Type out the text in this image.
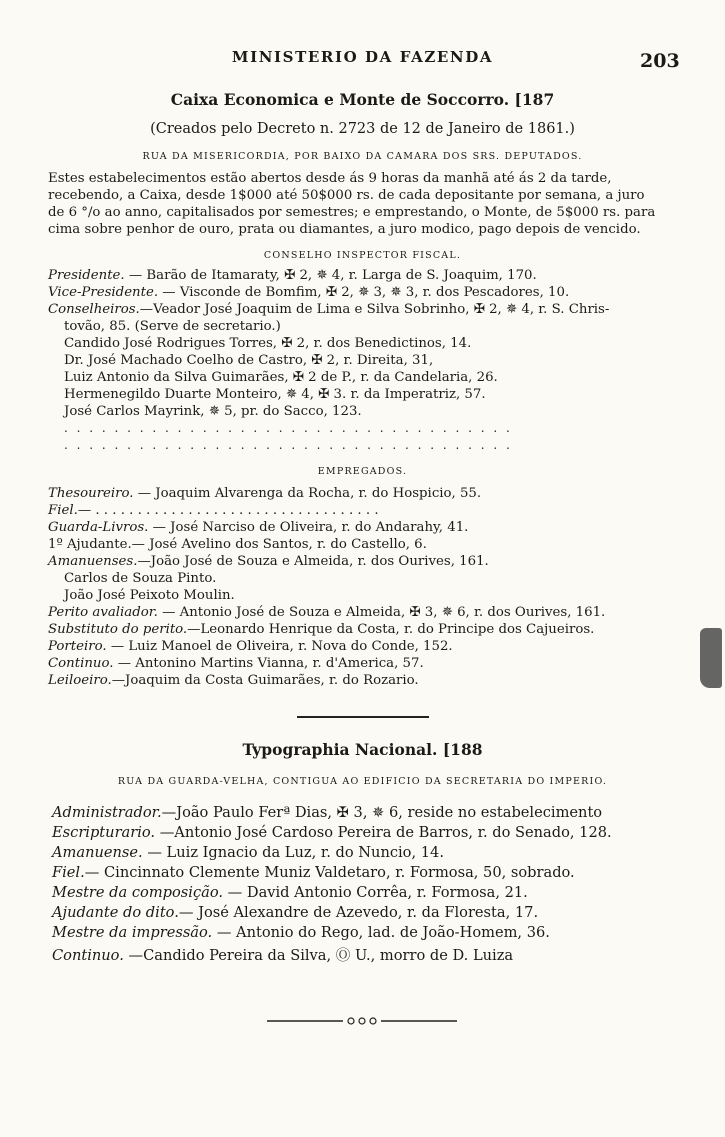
MINISTERIO DA FAZENDA	203
Caixa Economica e Monte de Soccorro. [187
(Creados pelo Decreto n. 2723 de 12 de Janeiro de 1861.)
RUA DA MISERICORDIA, POR BAIXO DA CAMARA DOS SRS. DEPUTADOS.
Estes estabelecimentos estão abertos desde ás 9 horas da manhã até ás 2 da tarde,
recebendo, a Caixa, desde 1$000 até 50$000 rs. de cada depositante por semana, a juro
de 6 °/o ao anno, capitalisados por semestres; e emprestando, o Monte, de 5$000 rs. para
cima sobre penhor de ouro, prata ou diamantes, a juro modico, pago depois de vencido.
CONSELHO INSPECTOR FISCAL.
Presidente. — Barão de Itamaraty, ✠ 2, ✵ 4, r. Larga de S. Joaquim, 170.
Vice-Presidente. — Visconde de Bomfim, ✠ 2, ✵ 3, ✵ 3, r. dos Pescadores, 10.
Conselheiros.—Veador José Joaquim de Lima e Silva Sobrinho, ✠ 2, ✵ 4, r. S. Chris-
tovão, 85. (Serve de secretario.)
Candido José Rodrigues Torres, ✠ 2, r. dos Benedictinos, 14.
Dr. José Machado Coelho de Castro, ✠ 2, r. Direita, 31,
Luiz Antonio da Silva Guimarães, ✠ 2 de P., r. da Candelaria, 26.
Hermenegildo Duarte Monteiro, ✵ 4, ✠ 3. r. da Imperatriz, 57.
José Carlos Mayrink, ✵ 5, pr. do Sacco, 123.
. . . . . . . . . . . . . . . . . . . . . . . . . . . . . . . . . . . .
. . . . . . . . . . . . . . . . . . . . . . . . . . . . . . . . . . . .
EMPREGADOS.
Thesoureiro. — Joaquim Alvarenga da Rocha, r. do Hospicio, 55.
Fiel.— . . . . . . . . . . . . . . . . . . . . . . . . . . . . . . . . . .
Guarda-Livros. — José Narciso de Oliveira, r. do Andarahy, 41.
1º Ajudante.— José Avelino dos Santos, r. do Castello, 6.
Amanuenses.—João José de Souza e Almeida, r. dos Ourives, 161.
Carlos de Souza Pinto.
João José Peixoto Moulin.
Perito avaliador. — Antonio José de Souza e Almeida, ✠ 3, ✵ 6, r. dos Ourives, 161.
Substituto do perito.—Leonardo Henrique da Costa, r. do Principe dos Cajueiros.
Porteiro. — Luiz Manoel de Oliveira, r. Nova do Conde, 152.
Continuo. — Antonino Martins Vianna, r. d'America, 57.
Leiloeiro.—Joaquim da Costa Guimarães, r. do Rozario.
Typographia Nacional. [188
RUA DA GUARDA-VELHA, CONTIGUA AO EDIFICIO DA SECRETARIA DO IMPERIO.
Administrador.—João Paulo Ferª Dias, ✠ 3, ✵ 6, reside no estabelecimento
Escripturario. —Antonio José Cardoso Pereira de Barros, r. do Senado, 128.
Amanuense. — Luiz Ignacio da Luz, r. do Nuncio, 14.
Fiel.— Cincinnato Clemente Muniz Valdetaro, r. Formosa, 50, sobrado.
Mestre da composição. — David Antonio Corrêa, r. Formosa, 21.
Ajudante do dito.— José Alexandre de Azevedo, r. da Floresta, 17.
Mestre da impressão. — Antonio do Rego, lad. de João-Homem, 36.
Continuo. —Candido Pereira da Silva, Ⓞ U., morro de D. Luiza
